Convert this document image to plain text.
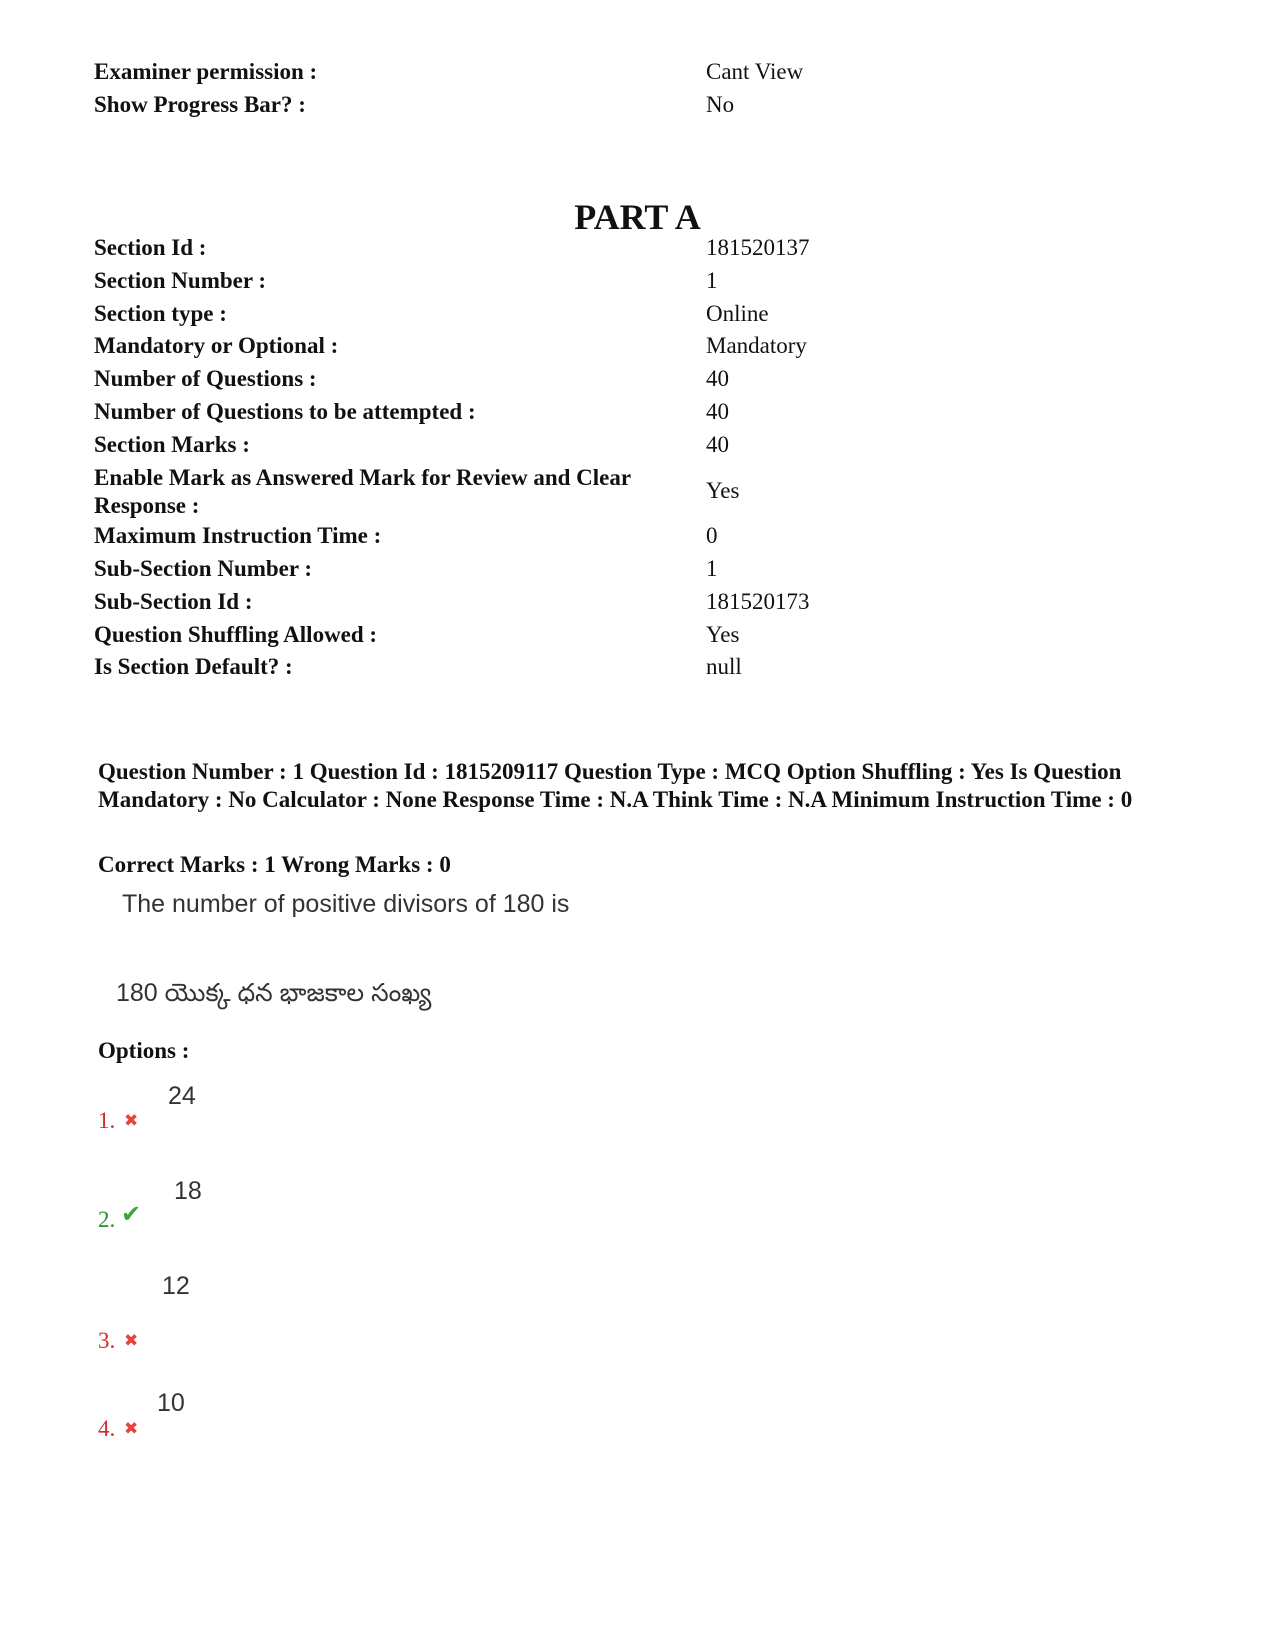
Examiner permission :	Cant View
Show Progress Bar? :	No
PART A
Section Id :	181520137
Section Number :	1
Section type :	Online
Mandatory or Optional :	Mandatory
Number of Questions :	40
Number of Questions to be attempted :	40
Section Marks :	40
Enable Mark as Answered Mark for Review and Clear Response :
Yes
Maximum Instruction Time :	0
Sub-Section Number :	1
Sub-Section Id :	181520173
Question Shuffling Allowed :	Yes
Is Section Default? :	null
Question Number : 1 Question Id : 1815209117 Question Type : MCQ Option Shuffling : Yes Is Question Mandatory : No Calculator : None Response Time : N.A Think Time : N.A Minimum Instruction Time : 0
Correct Marks : 1 Wrong Marks : 0
The number of positive divisors of 180 is
180 యొక్క ధన భాజకాల సంఖ్య
Options :
1. ✖
24
2. ✔
18
3. ✖
12
4. ✖
10
